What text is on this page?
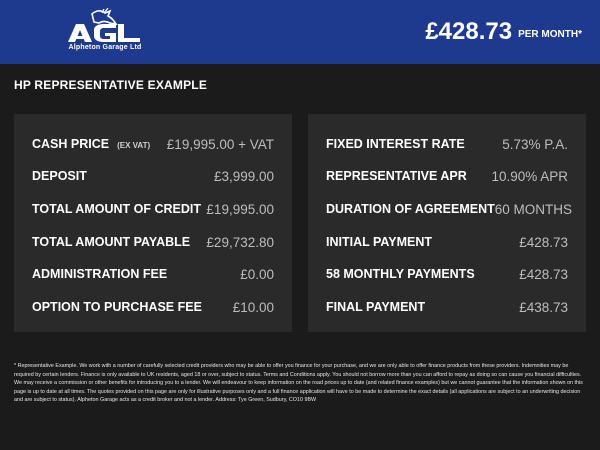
Alpheton Garage Ltd
£428.73 PER MONTH*
HP REPRESENTATIVE EXAMPLE
CASH PRICE (EX VAT) £19,995.00 + VAT
DEPOSIT	£3,999.00
TOTAL AMOUNT OF CREDIT £19,995.00
TOTAL AMOUNT PAYABLE £29,732.80
ADMINISTRATION FEE	£0.00
OPTION TO PURCHASE FEE £10.00
FIXED INTEREST RATE	5.73% P.A.
REPRESENTATIVE APR 10.90% APR
DURATION OF AGREEMENT 60 MONTHS
INITIAL PAYMENT	£428.73
58 MONTHLY PAYMENTS	£428.73
FINAL PAYMENT	£438.73
* Representative Example. We work with a number of carefully selected credit providers who may be able to offer you finance for your purchase, and we are only able to offer finance products from these providers. Indemnities may be required by certain lenders. Finance is only available to UK residents, aged 18 or over, subject to status. Terms and Conditions apply. You should not borrow more than you can afford to repay as doing so can cause you financial difficulties. We may receive a commission or other benefits for introducing you to a lender. We will endeavour to keep information on the road prices up to date (and related finance examples) but we cannot guarantee that the information shown on this page is up to date at all times. The quotes provided on this page are only for illustrative purposes only and a full finance application will have to be made to determine the exact details (all applications are subject to an underwriting decision and are subject to status). Alpheton Garage acts as a credit broker and not a lender. Address: Tye Green, Sudbury, CO10 9BW
